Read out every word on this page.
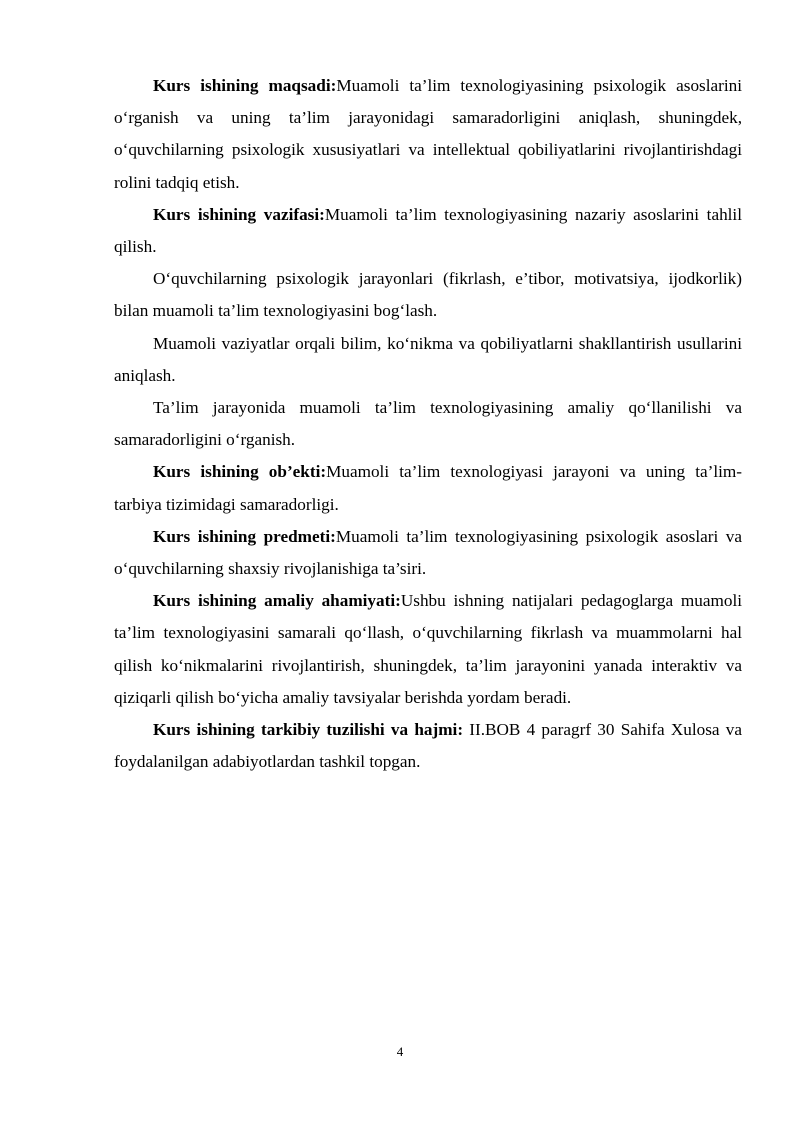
Kurs ishining maqsadi:Muamoli ta’lim texnologiyasining psixologik asoslarini o‘rganish va uning ta’lim jarayonidagi samaradorligini aniqlash, shuningdek, o‘quvchilarning psixologik xususiyatlari va intellektual qobiliyatlarini rivojlantirishdagi rolini tadqiq etish.

Kurs ishining vazifasi:Muamoli ta’lim texnologiyasining nazariy asoslarini tahlil qilish.

O‘quvchilarning psixologik jarayonlari (fikrlash, e’tibor, motivatsiya, ijodkorlik) bilan muamoli ta’lim texnologiyasini bog‘lash.

Muamoli vaziyatlar orqali bilim, ko‘nikma va qobiliyatlarni shakllantirish usullarini aniqlash.

Ta’lim jarayonida muamoli ta’lim texnologiyasining amaliy qo‘llanilishi va samaradorligini o‘rganish.

Kurs ishining ob’ekti:Muamoli ta’lim texnologiyasi jarayoni va uning ta’lim-tarbiya tizimidagi samaradorligi.

Kurs ishining predmeti:Muamoli ta’lim texnologiyasining psixologik asoslari va o‘quvchilarning shaxsiy rivojlanishiga ta’siri.

Kurs ishining amaliy ahamiyati:Ushbu ishning natijalari pedagoglarga muamoli ta’lim texnologiyasini samarali qo‘llash, o‘quvchilarning fikrlash va muammolarni hal qilish ko‘nikmalarini rivojlantirish, shuningdek, ta’lim jarayonini yanada interaktiv va qiziqarli qilish bo‘yicha amaliy tavsiyalar berishda yordam beradi.

Kurs ishining tarkibiy tuzilishi va hajmi: II.BOB 4 paragrf 30 Sahifa Xulosa va foydalanilgan adabiyotlardan tashkil topgan.

4
